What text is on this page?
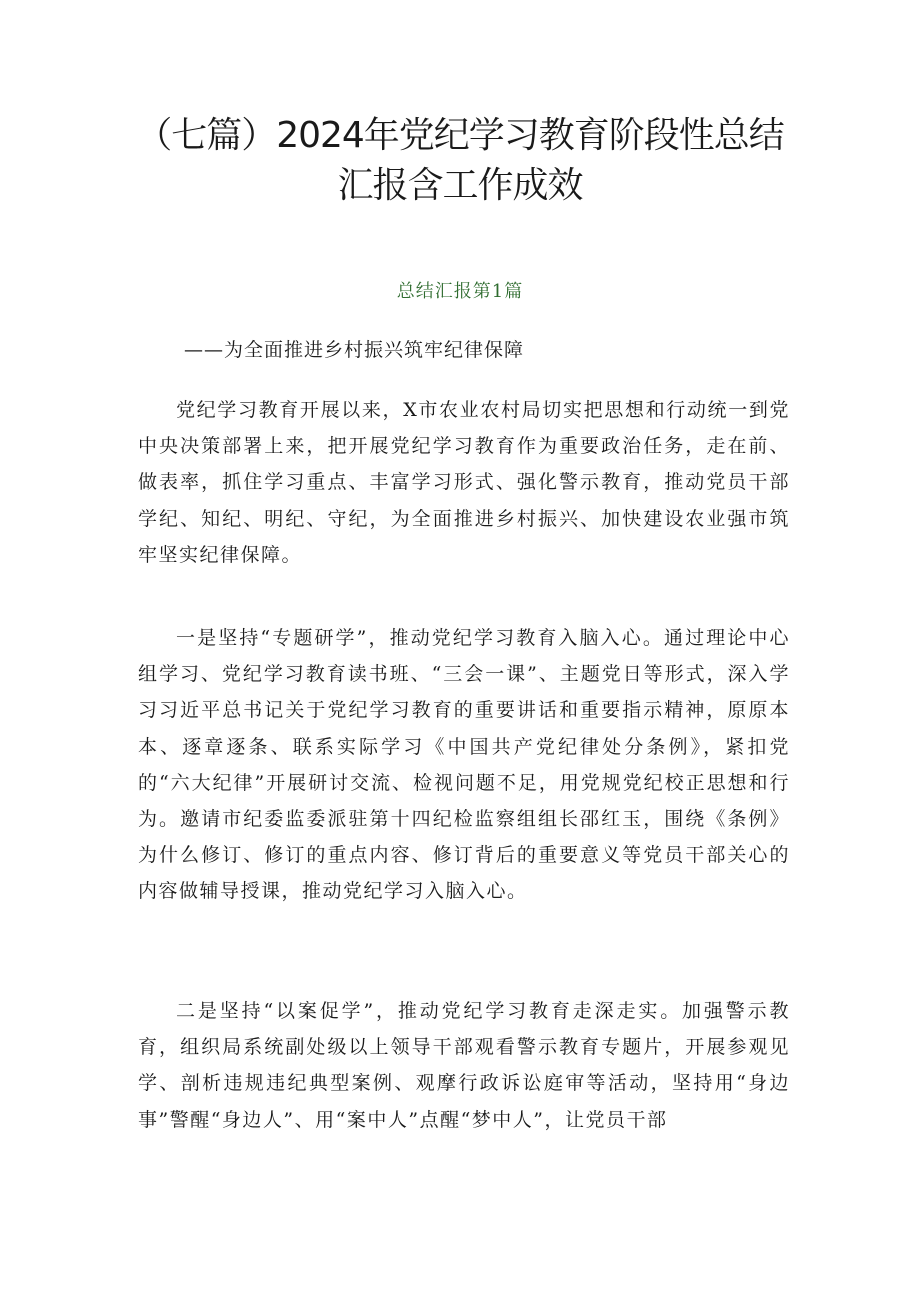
（七篇）2024年党纪学习教育阶段性总结
汇报含工作成效
总结汇报第1篇
——为全面推进乡村振兴筑牢纪律保障

党纪学习教育开展以来，X市农业农村局切实把思想和行动统一到党中央决策部署上来，把开展党纪学习教育作为重要政治任务，走在前、做表率，抓住学习重点、丰富学习形式、强化警示教育，推动党员干部学纪、知纪、明纪、守纪，为全面推进乡村振兴、加快建设农业强市筑牢坚实纪律保障。

一是坚持“专题研学”，推动党纪学习教育入脑入心。通过理论中心组学习、党纪学习教育读书班、“三会一课”、主题党日等形式，深入学习习近平总书记关于党纪学习教育的重要讲话和重要指示精神，原原本本、逐章逐条、联系实际学习《中国共产党纪律处分条例》，紧扣党的“六大纪律”开展研讨交流、检视问题不足，用党规党纪校正思想和行为。邀请市纪委监委派驻第十四纪检监察组组长邵红玉，围绕《条例》为什么修订、修订的重点内容、修订背后的重要意义等党员干部关心的内容做辅导授课，推动党纪学习入脑入心。

二是坚持“以案促学”，推动党纪学习教育走深走实。加强警示教育，组织局系统副处级以上领导干部观看警示教育专题片，开展参观见学、剖析违规违纪典型案例、观摩行政诉讼庭审等活动，坚持用“身边事”警醒“身边人”、用“案中人”点醒“梦中人”，让党员干部
